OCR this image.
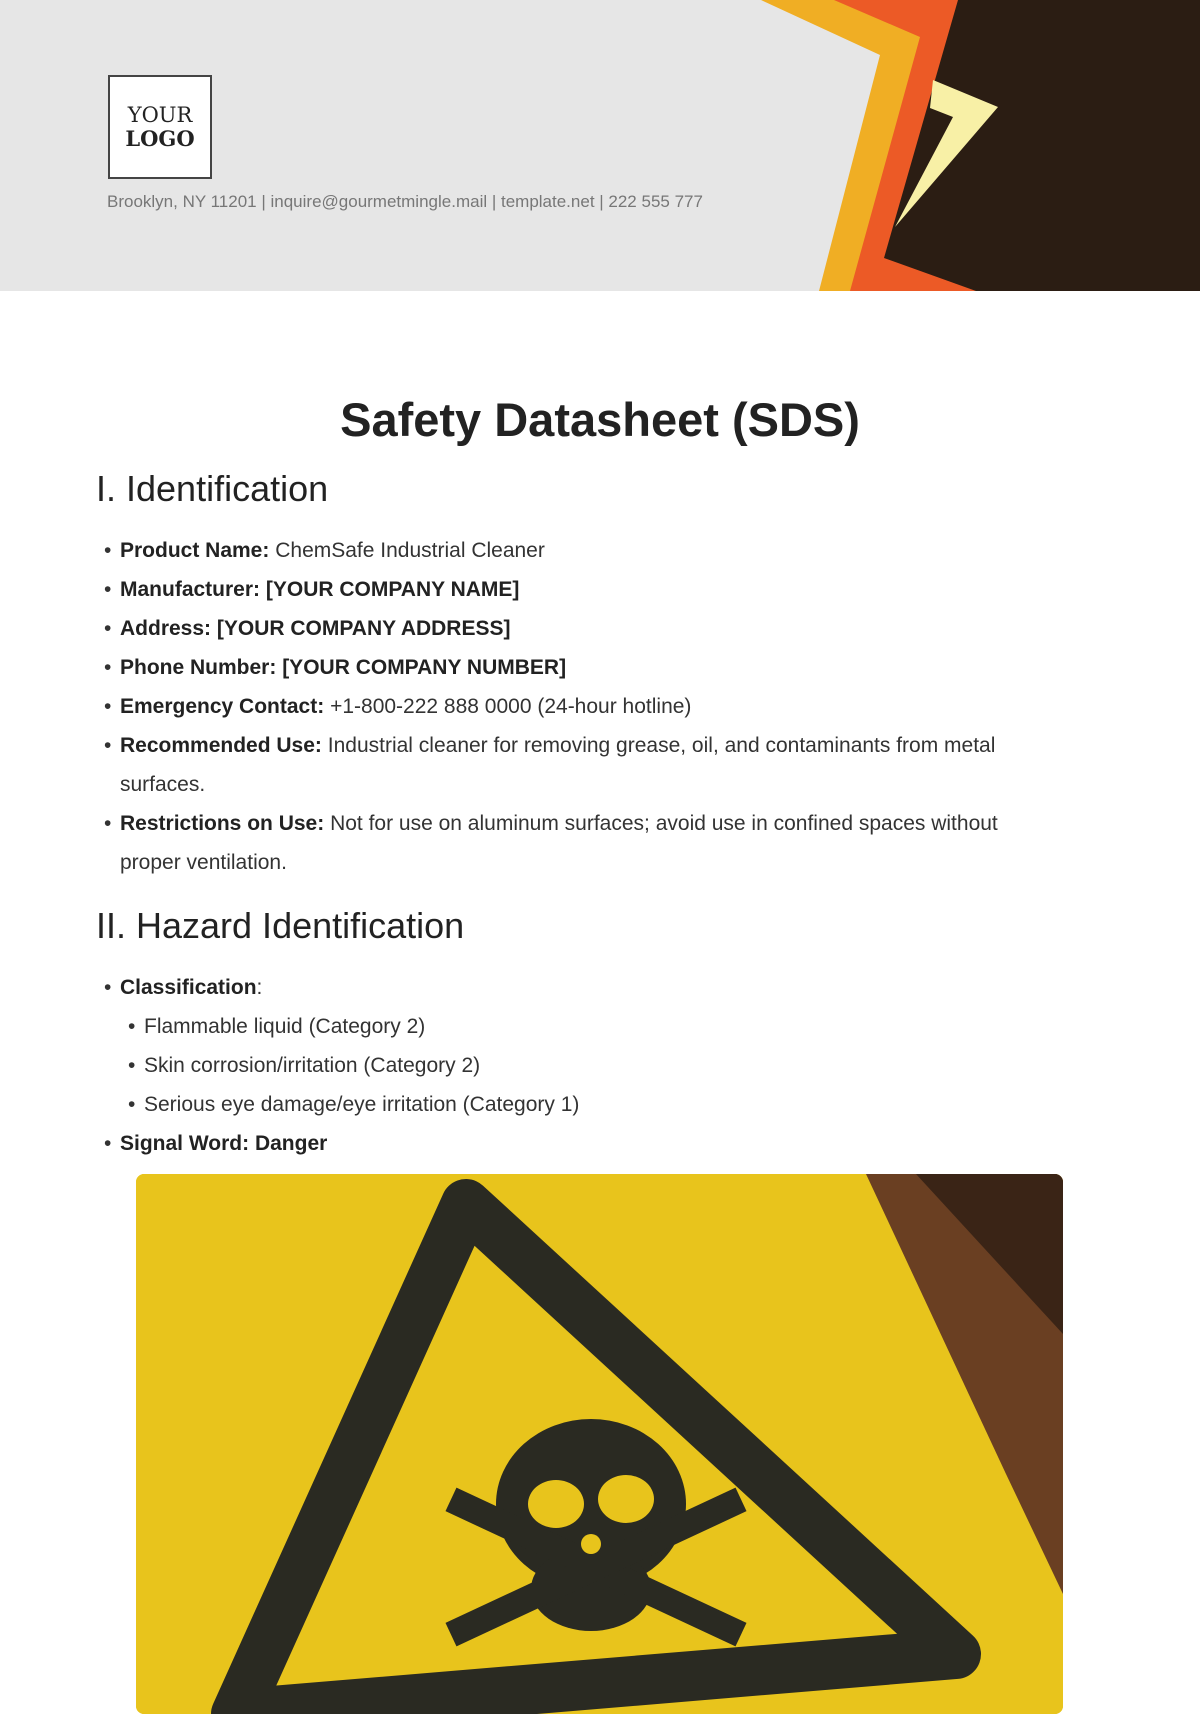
YOUR
LOGO
Brooklyn, NY 11201 | inquire@gourmetmingle.mail | template.net | 222 555 777
Safety Datasheet (SDS)
I. Identification
• Product Name: ChemSafe Industrial Cleaner
• Manufacturer: [YOUR COMPANY NAME]
• Address: [YOUR COMPANY ADDRESS]
• Phone Number: [YOUR COMPANY NUMBER]
• Emergency Contact: +1-800-222 888 0000 (24-hour hotline)
• Recommended Use: Industrial cleaner for removing grease, oil, and contaminants from metal surfaces.
• Restrictions on Use: Not for use on aluminum surfaces; avoid use in confined spaces without proper ventilation.
II. Hazard Identification
• Classification:
• Flammable liquid (Category 2)
• Skin corrosion/irritation (Category 2)
• Serious eye damage/eye irritation (Category 1)
• Signal Word: Danger
